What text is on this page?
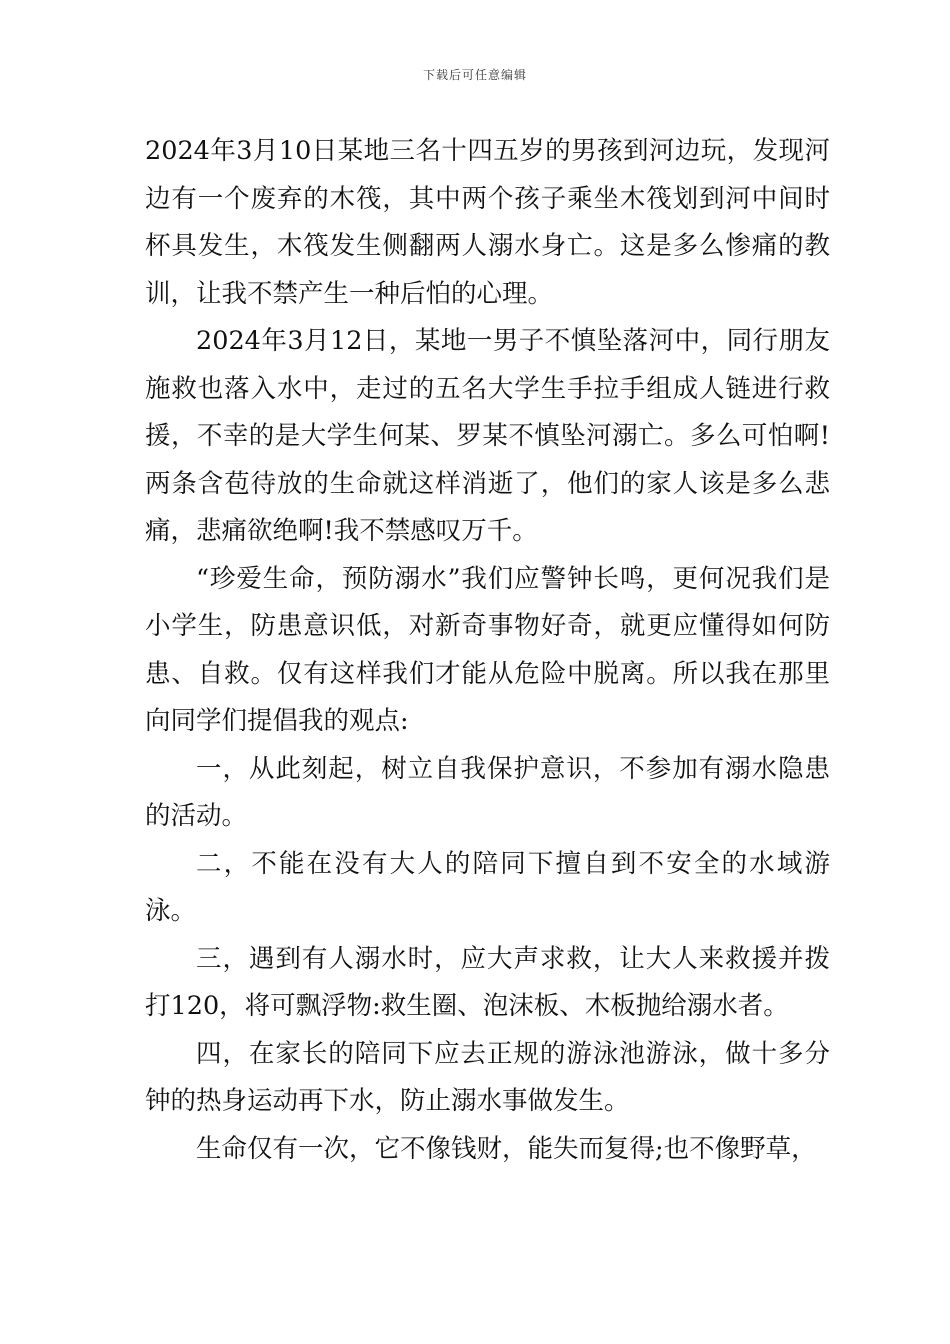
下载后可任意编辑

2024年3月10日某地三名十四五岁的男孩到河边玩，发现河边有一个废弃的木筏，其中两个孩子乘坐木筏划到河中间时杯具发生，木筏发生侧翻两人溺水身亡。这是多么惨痛的教训，让我不禁产生一种后怕的心理。

2024年3月12日，某地一男子不慎坠落河中，同行朋友施救也落入水中，走过的五名大学生手拉手组成人链进行救援，不幸的是大学生何某、罗某不慎坠河溺亡。多么可怕啊!两条含苞待放的生命就这样消逝了，他们的家人该是多么悲痛，悲痛欲绝啊!我不禁感叹万千。

“珍爱生命，预防溺水”我们应警钟长鸣，更何况我们是小学生，防患意识低，对新奇事物好奇，就更应懂得如何防患、自救。仅有这样我们才能从危险中脱离。所以我在那里向同学们提倡我的观点:

一，从此刻起，树立自我保护意识，不参加有溺水隐患的活动。

二，不能在没有大人的陪同下擅自到不安全的水域游泳。

三，遇到有人溺水时，应大声求救，让大人来救援并拨打120，将可飘浮物:救生圈、泡沫板、木板抛给溺水者。

四，在家长的陪同下应去正规的游泳池游泳，做十多分钟的热身运动再下水，防止溺水事做发生。

生命仅有一次，它不像钱财，能失而复得;也不像野草，
